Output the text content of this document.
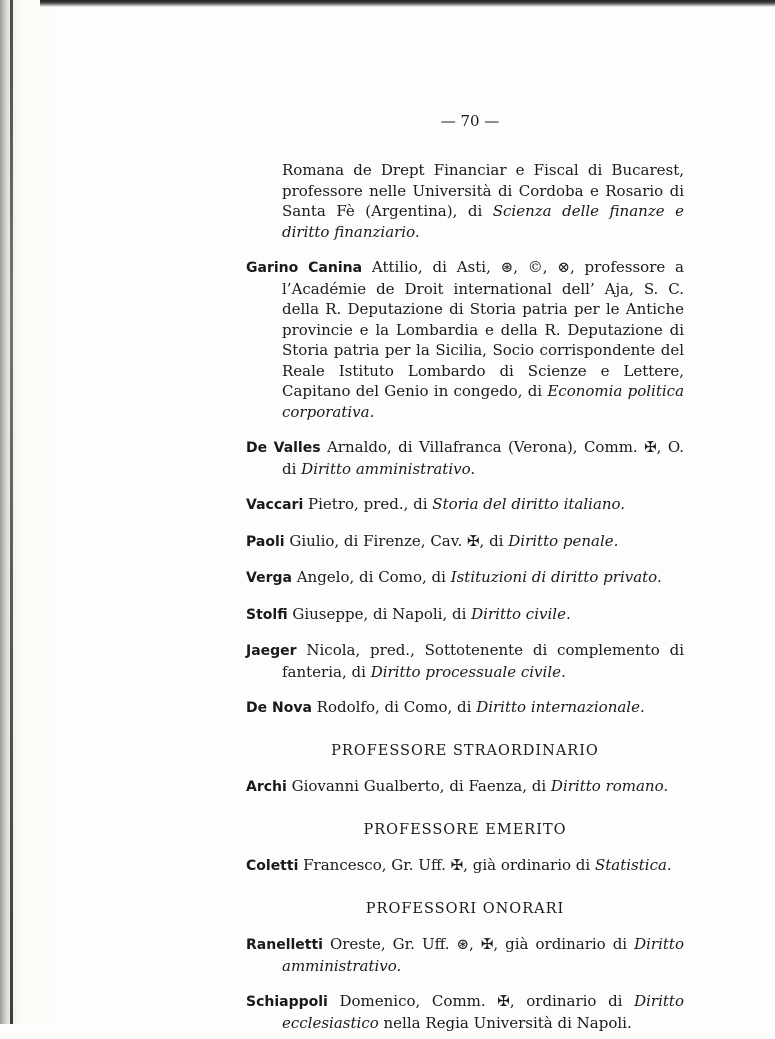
— 70 —

Romana de Drept Financiar e Fiscal di Bucarest, professore nelle Università di Cordoba e Rosario di Santa Fè (Argentina), di Scienza delle finanze e diritto finanziario.

Garino Canina Attilio, di Asti, ⊛, ©, ⊗, professore a l’Académie de Droit international dell’ Aja, S. C. della R. Deputazione di Storia patria per le Antiche provincie e la Lombardia e della R. Deputazione di Storia patria per la Sicilia, Socio corrispondente del Reale Istituto Lombardo di Scienze e Lettere, Capitano del Genio in congedo, di Economia politica corporativa.

De Valles Arnaldo, di Villafranca (Verona), Comm. ✠, O. di Diritto amministrativo.

Vaccari Pietro, pred., di Storia del diritto italiano.

Paoli Giulio, di Firenze, Cav. ✠, di Diritto penale.

Verga Angelo, di Como, di Istituzioni di diritto privato.

Stolfi Giuseppe, di Napoli, di Diritto civile.

Jaeger Nicola, pred., Sottotenente di complemento di fanteria, di Diritto processuale civile.

De Nova Rodolfo, di Como, di Diritto internazionale.

PROFESSORE STRAORDINARIO

Archi Giovanni Gualberto, di Faenza, di Diritto romano.

PROFESSORE EMERITO

Coletti Francesco, Gr. Uff. ✠, già ordinario di Statistica.

PROFESSORI ONORARI

Ranelletti Oreste, Gr. Uff. ⊛, ✠, già ordinario di Diritto amministrativo.

Schiappoli Domenico, Comm. ✠, ordinario di Diritto ecclesiastico nella Regia Università di Napoli.
